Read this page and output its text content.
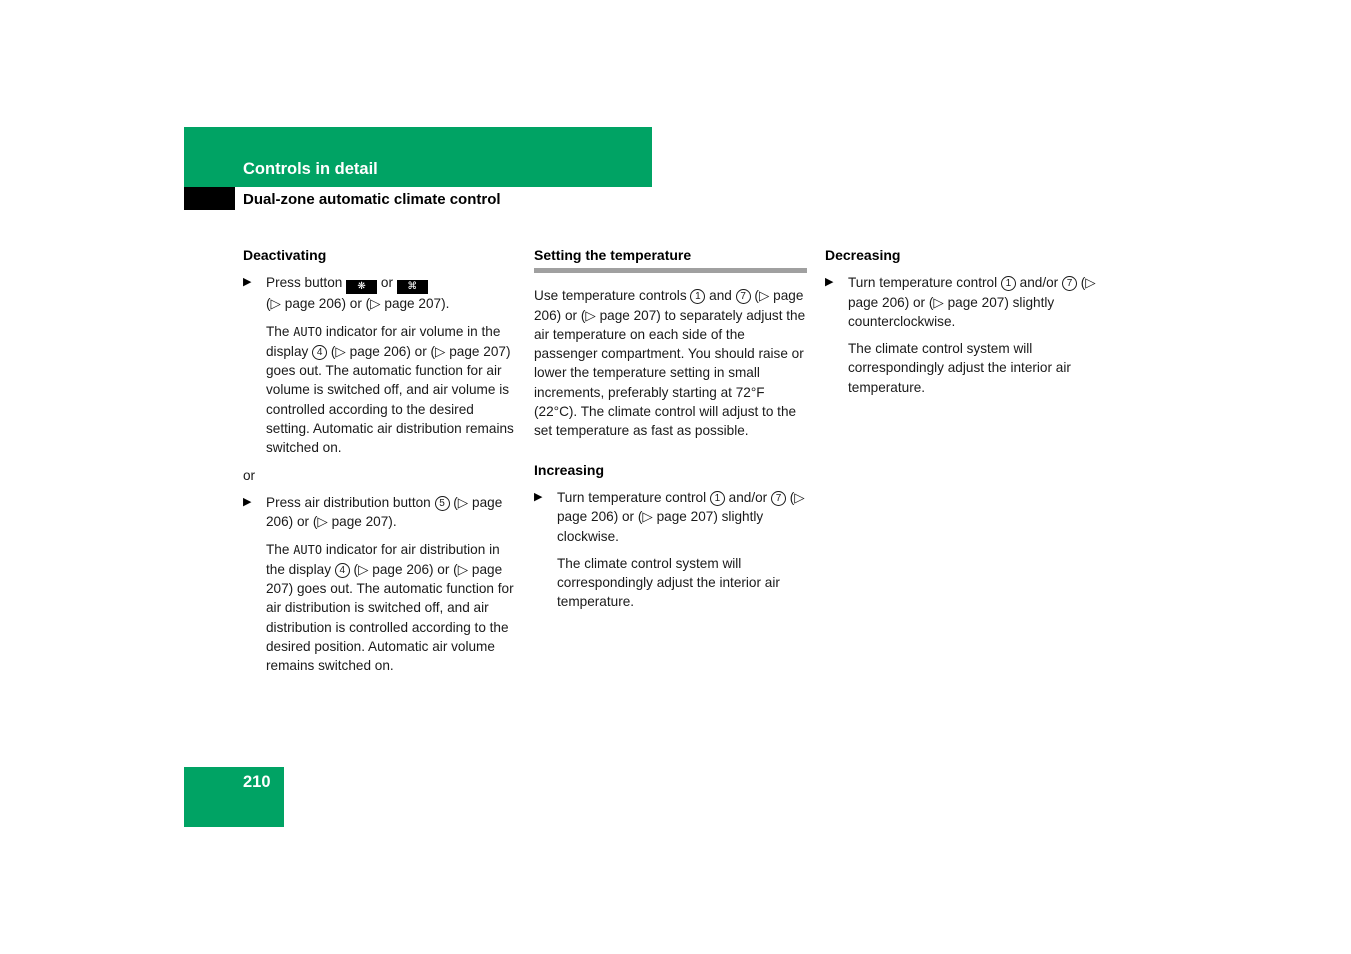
Controls in detail
Dual-zone automatic climate control
Deactivating
▶ Press button ❋ or ⌘
(▷ page 206) or (▷ page 207).
The AUTO indicator for air volume in the display 4 (▷ page 206) or (▷ page 207) goes out. The automatic function for air volume is switched off, and air volume is controlled according to the desired setting. Automatic air distribution remains switched on.
or
▶ Press air distribution button 5 (▷ page 206) or (▷ page 207).
The AUTO indicator for air distribution in the display 4 (▷ page 206) or (▷ page 207) goes out. The automatic function for air distribution is switched off, and air distribution is controlled according to the desired position. Automatic air volume remains switched on.
Setting the temperature
Use temperature controls 1 and 7 (▷ page 206) or (▷ page 207) to separately adjust the air temperature on each side of the passenger compartment. You should raise or lower the temperature setting in small increments, preferably starting at 72°F (22°C). The climate control will adjust to the set temperature as fast as possible.
Increasing
▶ Turn temperature control 1 and/or 7 (▷ page 206) or (▷ page 207) slightly clockwise.
The climate control system will correspondingly adjust the interior air temperature.
Decreasing
▶ Turn temperature control 1 and/or 7 (▷ page 206) or (▷ page 207) slightly counterclockwise.
The climate control system will correspondingly adjust the interior air temperature.
210
